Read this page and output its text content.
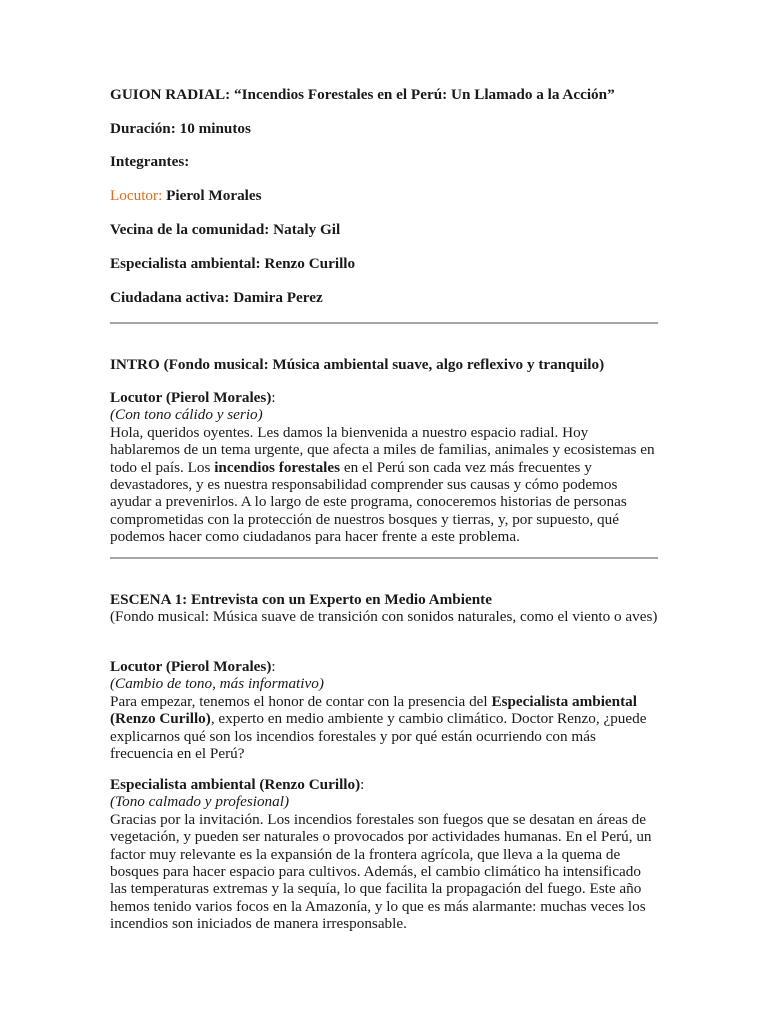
GUION RADIAL: “Incendios Forestales en el Perú: Un Llamado a la Acción”
Duración: 10 minutos
Integrantes:
Locutor: Pierol Morales
Vecina de la comunidad: Nataly Gil
Especialista ambiental: Renzo Curillo
Ciudadana activa: Damira Perez
INTRO (Fondo musical: Música ambiental suave, algo reflexivo y tranquilo)

Locutor (Pierol Morales):

(Con tono cálido y serio)

Hola, queridos oyentes. Les damos la bienvenida a nuestro espacio radial. Hoy hablaremos de un tema urgente, que afecta a miles de familias, animales y ecosistemas en todo el país. Los incendios forestales en el Perú son cada vez más frecuentes y devastadores, y es nuestra responsabilidad comprender sus causas y cómo podemos ayudar a prevenirlos. A lo largo de este programa, conoceremos historias de personas comprometidas con la protección de nuestros bosques y tierras, y, por supuesto, qué podemos hacer como ciudadanos para hacer frente a este problema.

ESCENA 1: Entrevista con un Experto en Medio Ambiente

(Fondo musical: Música suave de transición con sonidos naturales, como el viento o aves)

Locutor (Pierol Morales):

(Cambio de tono, más informativo)

Para empezar, tenemos el honor de contar con la presencia del Especialista ambiental (Renzo Curillo), experto en medio ambiente y cambio climático. Doctor Renzo, ¿puede explicarnos qué son los incendios forestales y por qué están ocurriendo con más frecuencia en el Perú?

Especialista ambiental (Renzo Curillo):

(Tono calmado y profesional)

Gracias por la invitación. Los incendios forestales son fuegos que se desatan en áreas de vegetación, y pueden ser naturales o provocados por actividades humanas. En el Perú, un factor muy relevante es la expansión de la frontera agrícola, que lleva a la quema de bosques para hacer espacio para cultivos. Además, el cambio climático ha intensificado las temperaturas extremas y la sequía, lo que facilita la propagación del fuego. Este año hemos tenido varios focos en la Amazonía, y lo que es más alarmante: muchas veces los incendios son iniciados de manera irresponsable.
